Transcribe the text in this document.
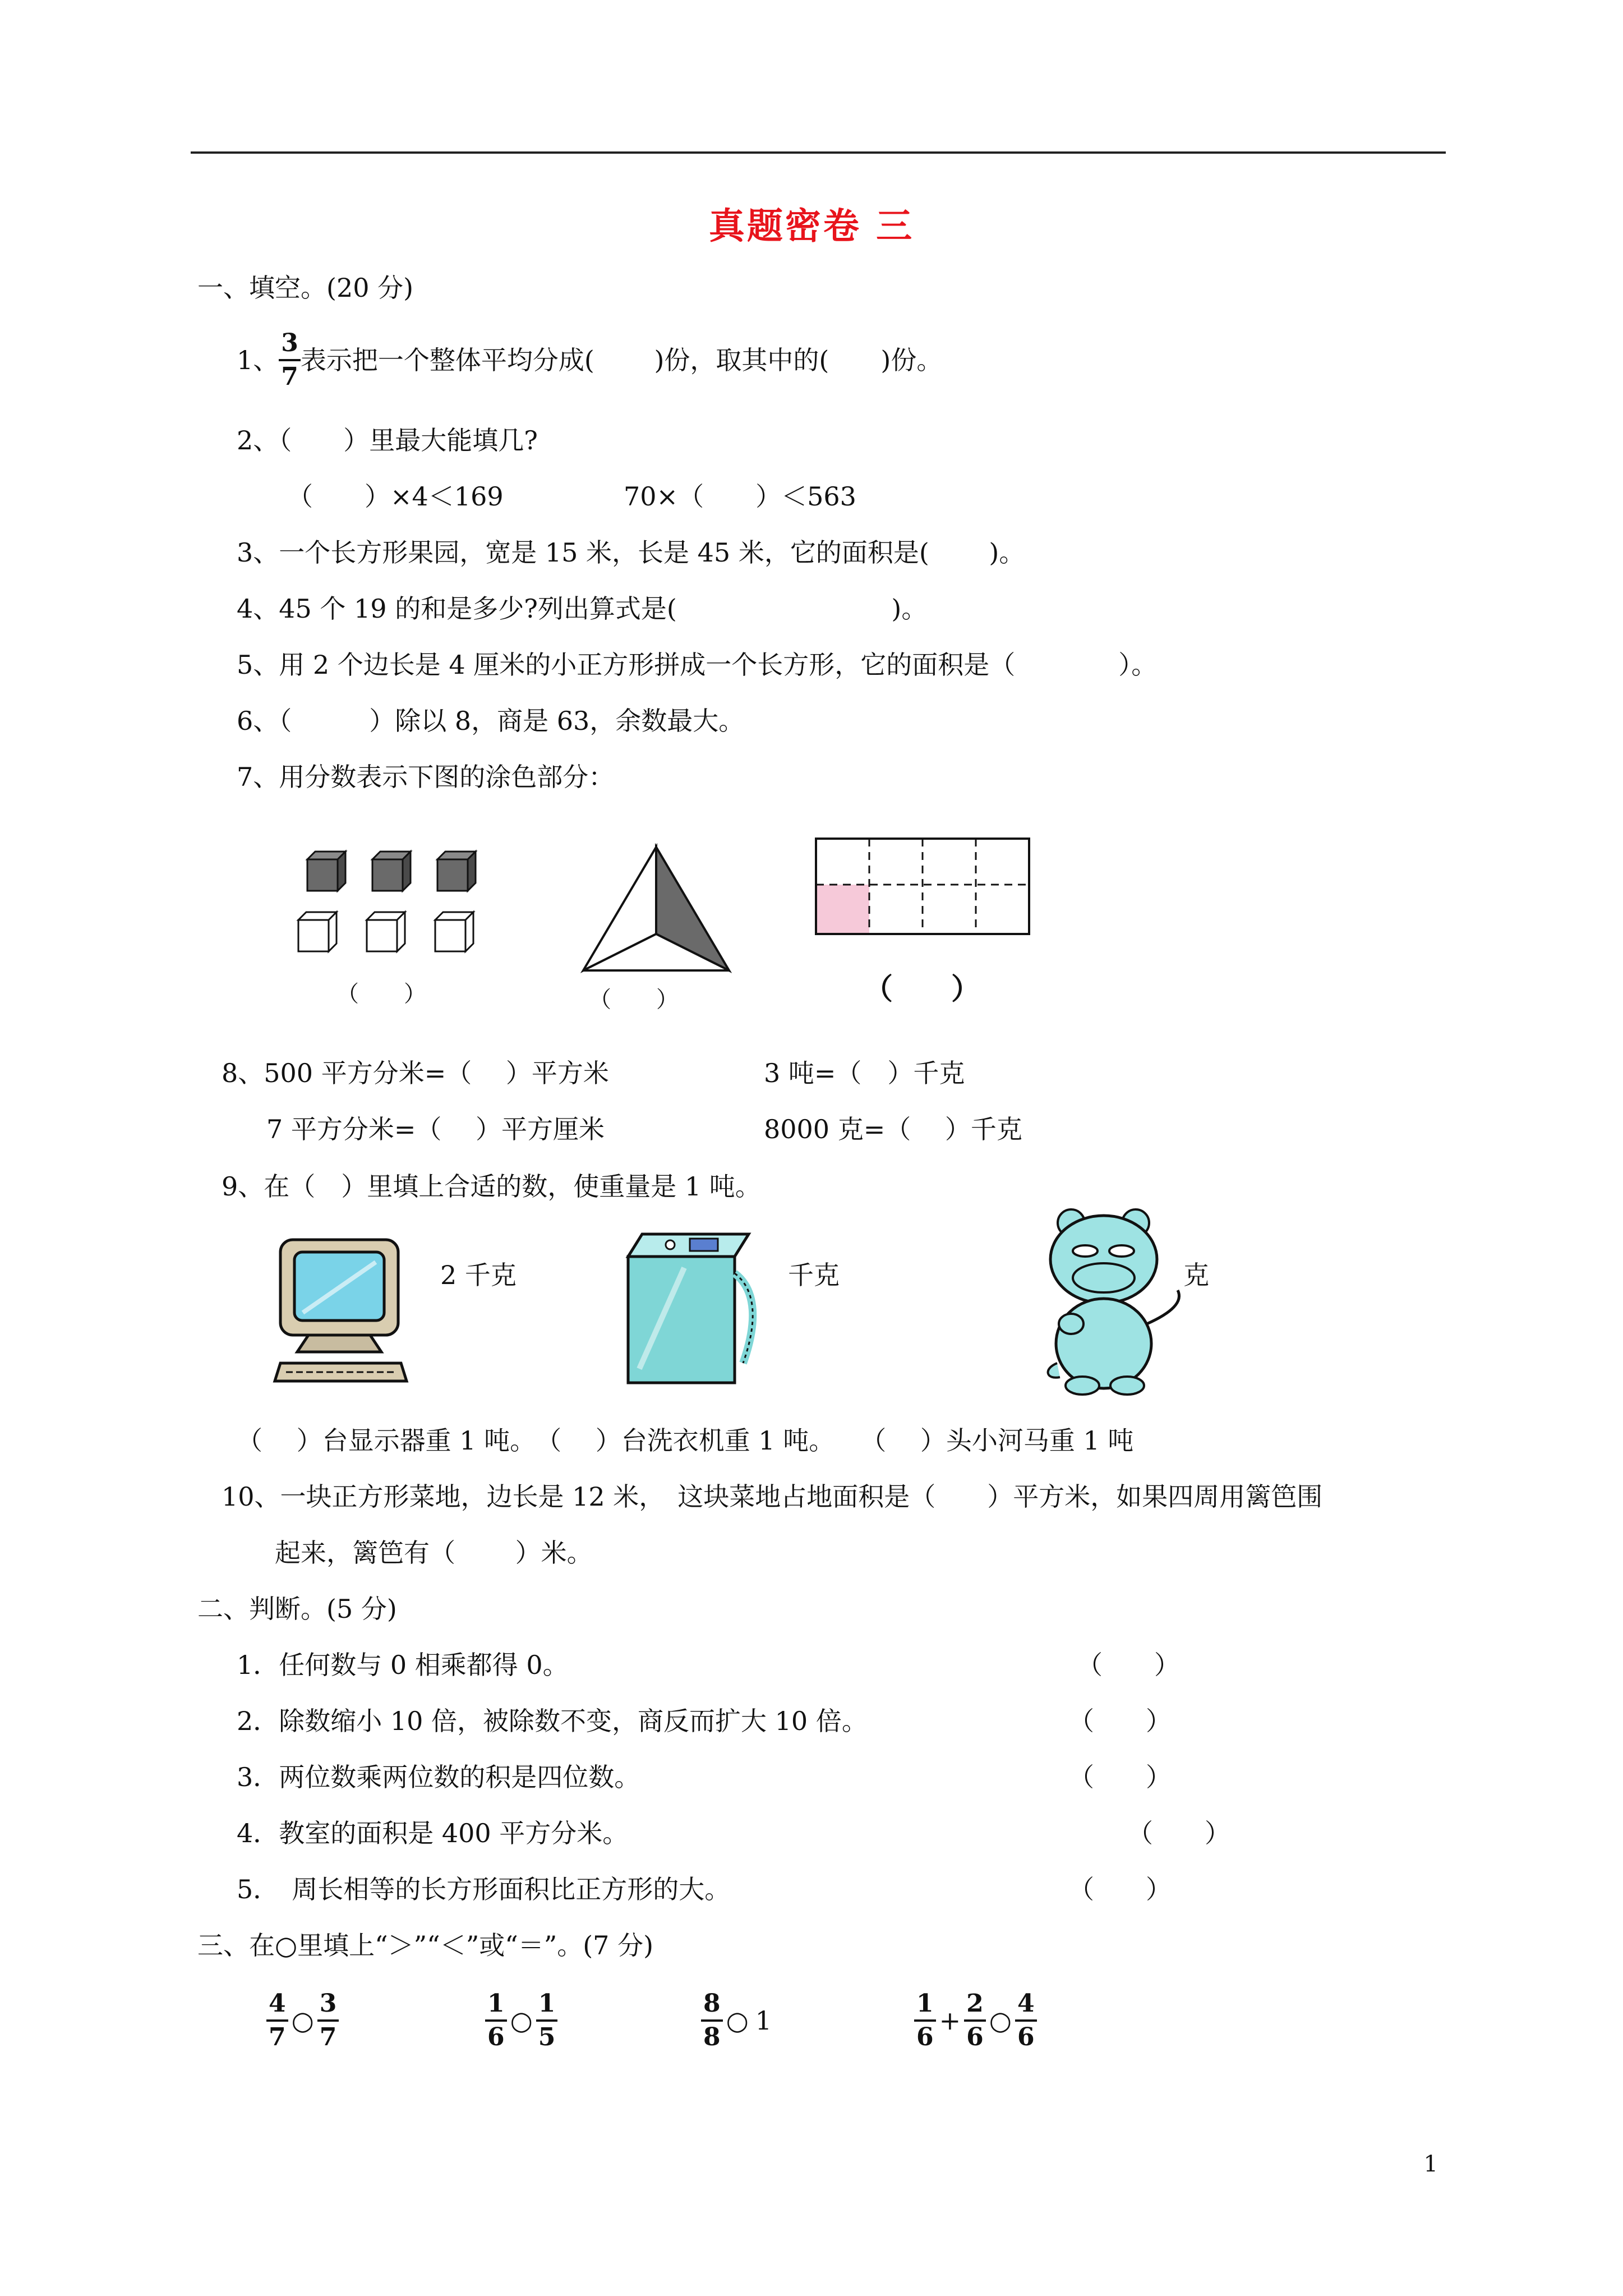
真题密卷 三
一、填空。(20 分)
1、 $\frac{3}{7}$ 表示把一个整体平均分成(　　 )份，取其中的(　　)份。
2、（　　）里最大能填几?
（　　）×4＜169	70×（　　）＜563
3、一个长方形果园，宽是 15 米，长是 45 米，它的面积是(　　 )。
4、45 个 19 的和是多少?列出算式是(　　　　　　　　 )。
5、用 2 个边长是 4 厘米的小正方形拼成一个长方形，它的面积是（　　　　）。
6、（　　　）除以 8，商是 63，余数最大。
7、用分数表示下图的涂色部分：
（　　）	（　　）	（　　）
8、500 平方分米=（　 ）平方米	3 吨=（　）千克
7 平方分米=（　 ）平方厘米	8000 克=（　 ）千克
9、在（　）里填上合适的数，使重量是 1 吨。
2 千克	千克	克
（　 ）台显示器重 1 吨。　（　 ）台洗衣机重 1 吨。　　（　 ）头小河马重 1 吨
10、一块正方形菜地，边长是 12 米，　这块菜地占地面积是（　　）平方米，如果四周用篱笆围
起来，篱笆有（　　 ）米。
二、判断。(5 分)
1．任何数与 0 相乘都得 0。	（　　）
2．除数缩小 10 倍，被除数不变，商反而扩大 10 倍。	（　　）
3．两位数乘两位数的积是四位数。	（　　）
4．教室的面积是 400 平方分米。	（　　）
5．　周长相等的长方形面积比正方形的大。	（　　）
三、在○里填上“＞”“＜”或“＝”。(7 分)
$\frac{4}{7}$ ○ $\frac{3}{7}$	$\frac{1}{6}$ ○ $\frac{1}{5}$	$\frac{8}{8}$ ○ 1	$\frac{1}{6} + \frac{2}{6}$ ○ $\frac{4}{6}$
1
